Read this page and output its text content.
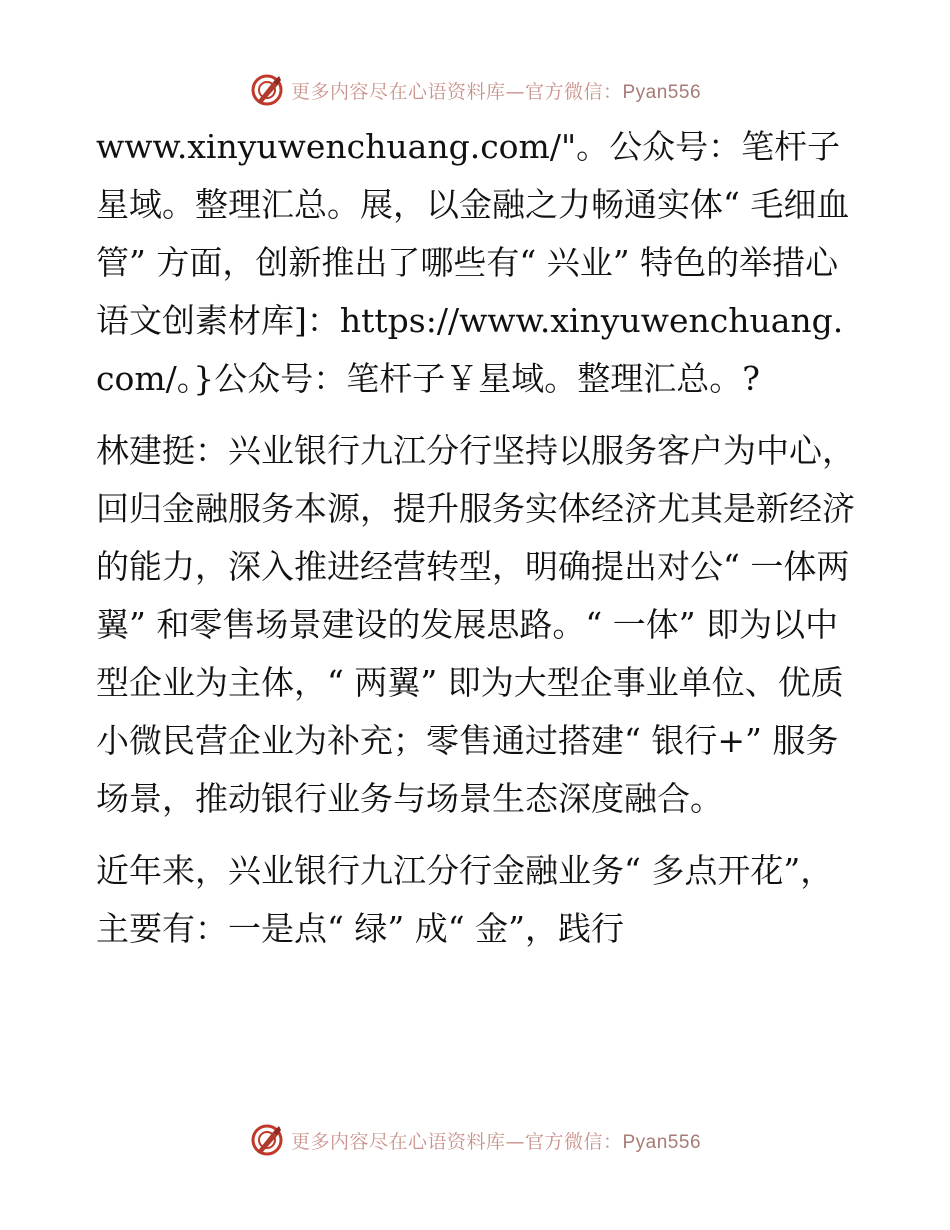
更多内容尽在心语资料库—官方微信：Pyan556

www.xinyuwenchuang.com/"。公众号：笔杆子星域。整理汇总。展，以金融之力畅通实体“ 毛细血管” 方面，创新推出了哪些有“ 兴业” 特色的举措心语文创素材库]：https://www.xinyuwenchuang.com/。}公众号：笔杆子￥星域。整理汇总。?

林建挺：兴业银行九江分行坚持以服务客户为中心，回归金融服务本源，提升服务实体经济尤其是新经济的能力，深入推进经营转型，明确提出对公“ 一体两翼” 和零售场景建设的发展思路。“ 一体” 即为以中型企业为主体，“ 两翼” 即为大型企事业单位、优质小微民营企业为补充；零售通过搭建“ 银行+” 服务场景，推动银行业务与场景生态深度融合。

近年来，兴业银行九江分行金融业务“ 多点开花”，主要有：一是点“ 绿” 成“ 金”，践行

更多内容尽在心语资料库—官方微信：Pyan556
